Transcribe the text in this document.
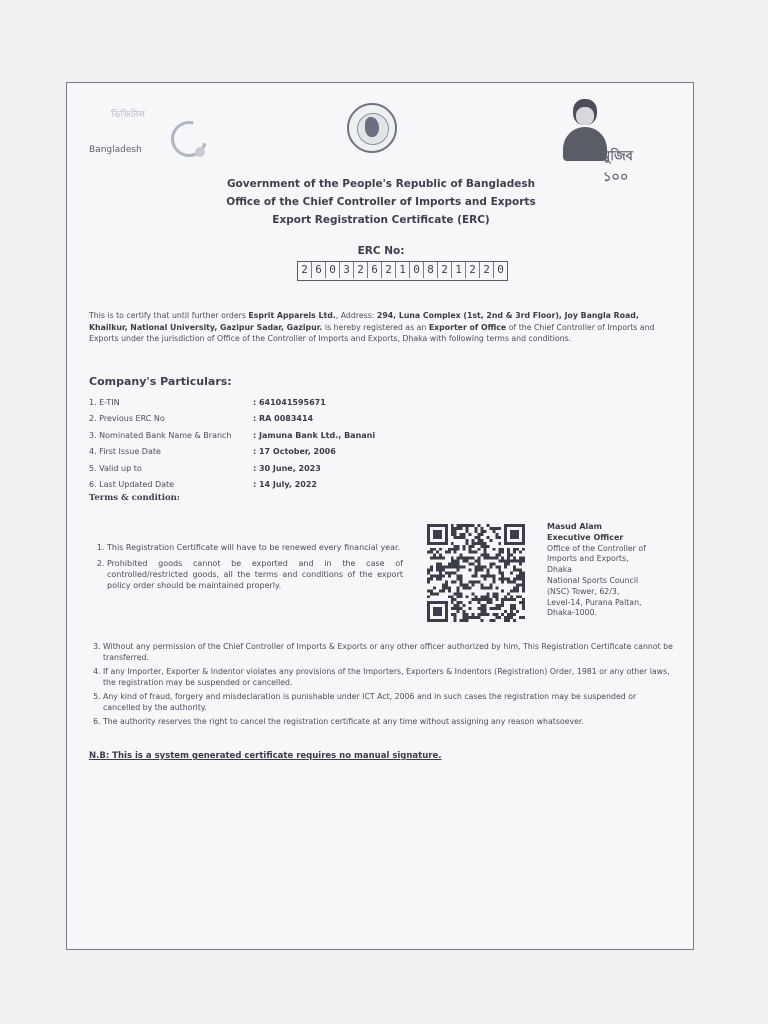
ডিজিটাল
Bangladesh	মুজিব ১০০
Government of the People's Republic of Bangladesh
Office of the Chief Controller of Imports and Exports
Export Registration Certificate (ERC)
ERC No:
2 6 0 3 2 6 2 1 0 8 2 1 2 2 0
This is to certify that until further orders Esprit Apparels Ltd., Address: 294, Luna Complex (1st, 2nd & 3rd Floor), Joy Bangla Road, Khailkur, National University, Gazipur Sadar, Gazipur. is hereby registered as an Exporter of Office of the Chief Controller of Imports and Exports under the jurisdiction of Office of the Controller of Imports and Exports, Dhaka with following terms and conditions.
Company's Particulars:
1. E-TIN	: 641041595671
2. Previous ERC No	: RA 0083414
3. Nominated Bank Name & Branch	: Jamuna Bank Ltd., Banani
4. First Issue Date	: 17 October, 2006
5. Valid up to	: 30 June, 2023
6. Last Updated Date	: 14 July, 2022
Terms & condition:
1. This Registration Certificate will have to be renewed every financial year.
2. Prohibited goods cannot be exported and in the case of controlled/restricted goods, all the terms and conditions of the export policy order should be maintained properly.
Masud Alam
Executive Officer
Office of the Controller of
Imports and Exports,
Dhaka
National Sports Council
(NSC) Tower, 62/3,
Level-14, Purana Paltan,
Dhaka-1000.
3. Without any permission of the Chief Controller of Imports & Exports or any other officer authorized by him, This Registration Certificate cannot be transferred.
4. If any Importer, Exporter & Indentor violates any provisions of the Importers, Exporters & Indentors (Registration) Order, 1981 or any other laws, the registration may be suspended or cancelled.
5. Any kind of fraud, forgery and misdeclaration is punishable under ICT Act, 2006 and in such cases the registration may be suspended or cancelled by the authority.
6. The authority reserves the right to cancel the registration certificate at any time without assigning any reason whatsoever.
N.B: This is a system generated certificate requires no manual signature.
